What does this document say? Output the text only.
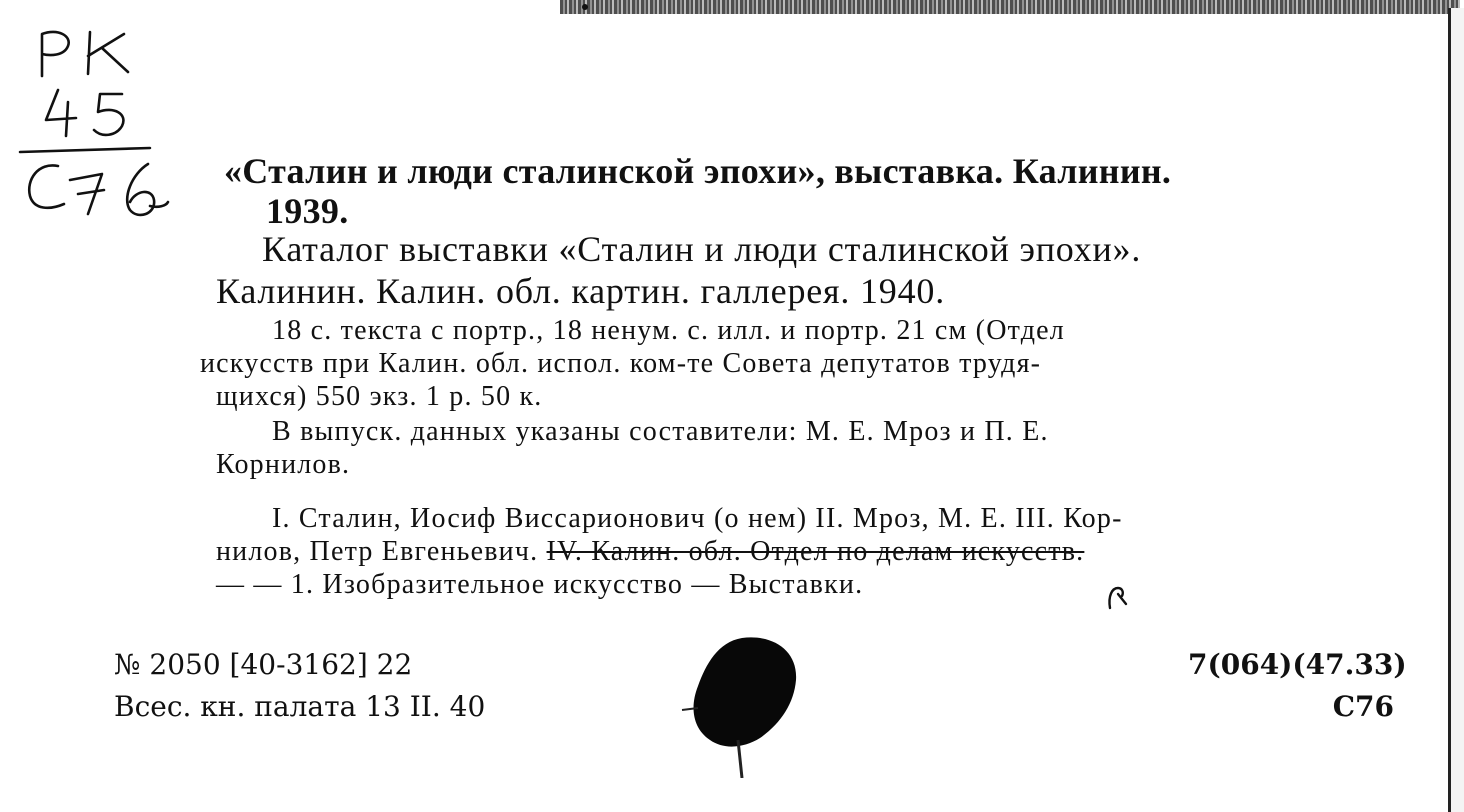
«Сталин и люди сталинской эпохи», выставка. Калинин.
1939.
Каталог выставки «Сталин и люди сталинской эпохи».
Калинин. Калин. обл. картин. галлерея. 1940.
18 с. текста с портр., 18 ненум. с. илл. и портр. 21 см (Отдел
искусств при Калин. обл. испол. ком-те Совета депутатов трудя-
щихся) 550 экз. 1 р. 50 к.
В выпуск. данных указаны составители: М. Е. Мроз и П. Е.
Корнилов.
I. Сталин, Иосиф Виссарионович (о нем) II. Мроз, М. Е. III. Кор-
нилов, Петр Евгеньевич. IV. Калин. обл. Отдел по делам искусств.
— — 1. Изобразительное искусство — Выставки.
№ 2050 [40-3162] 22
Всес. кн. палата 13 II. 40
7(064)(47.33)
С76
